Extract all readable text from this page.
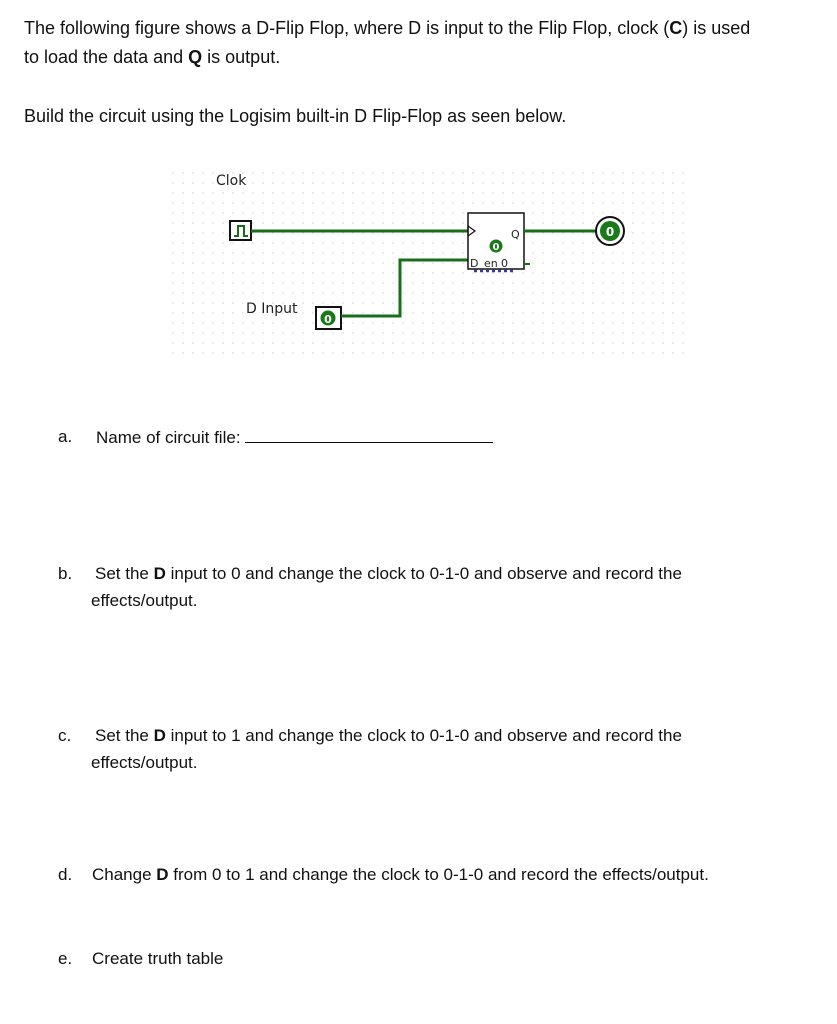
The following figure shows a D-Flip Flop, where D is input to the Flip Flop, clock (C) is used
to load the data and Q is output.

Build the circuit using the Logisim built-in D Flip-Flop as seen below.

Clok
D Input
0
Q
0
D en 0
0
a. Name of circuit file:
b. Set the D input to 0 and change the clock to 0-1-0 and observe and record the
effects/output.
c. Set the D input to 1 and change the clock to 0-1-0 and observe and record the
effects/output.
d. Change D from 0 to 1 and change the clock to 0-1-0 and record the effects/output.
e. Create truth table
